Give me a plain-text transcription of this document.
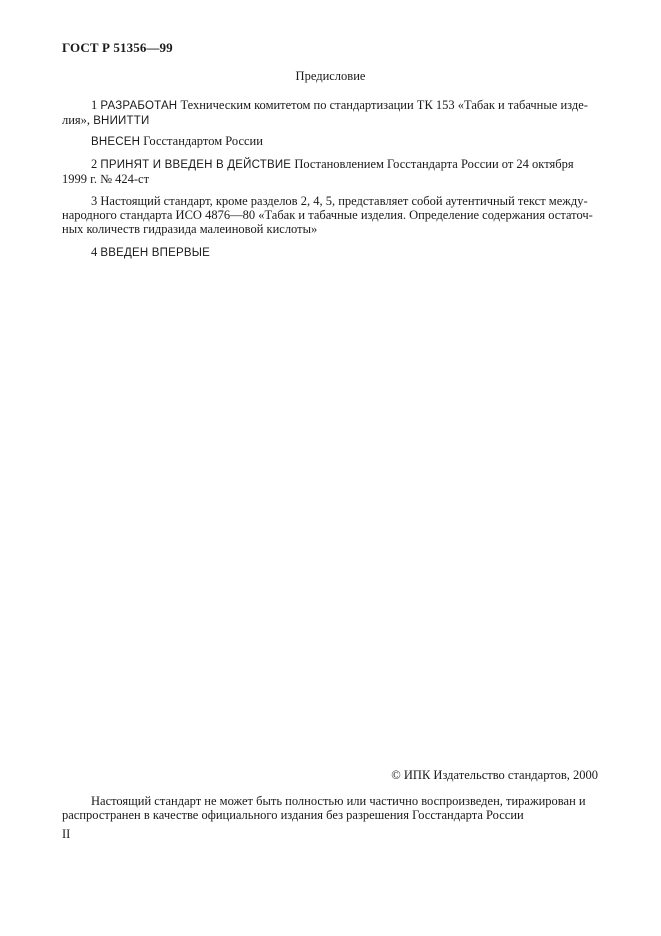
ГОСТ Р 51356—99
Предисловие
1 РАЗРАБОТАН Техническим комитетом по стандартизации ТК 153 «Табак и табачные изде-
лия», ВНИИТТИ
ВНЕСЕН Госстандартом России
2 ПРИНЯТ И ВВЕДЕН В ДЕЙСТВИЕ Постановлением Госстандарта России от 24 октября
1999 г. № 424-ст
3 Настоящий стандарт, кроме разделов 2, 4, 5, представляет собой аутентичный текст между-
народного стандарта ИСО 4876—80 «Табак и табачные изделия. Определение содержания остаточ-
ных количеств гидразида малеиновой кислоты»
4 ВВЕДЕН ВПЕРВЫЕ
© ИПК Издательство стандартов, 2000
Настоящий стандарт не может быть полностью или частично воспроизведен, тиражирован и
распространен в качестве официального издания без разрешения Госстандарта России
II
